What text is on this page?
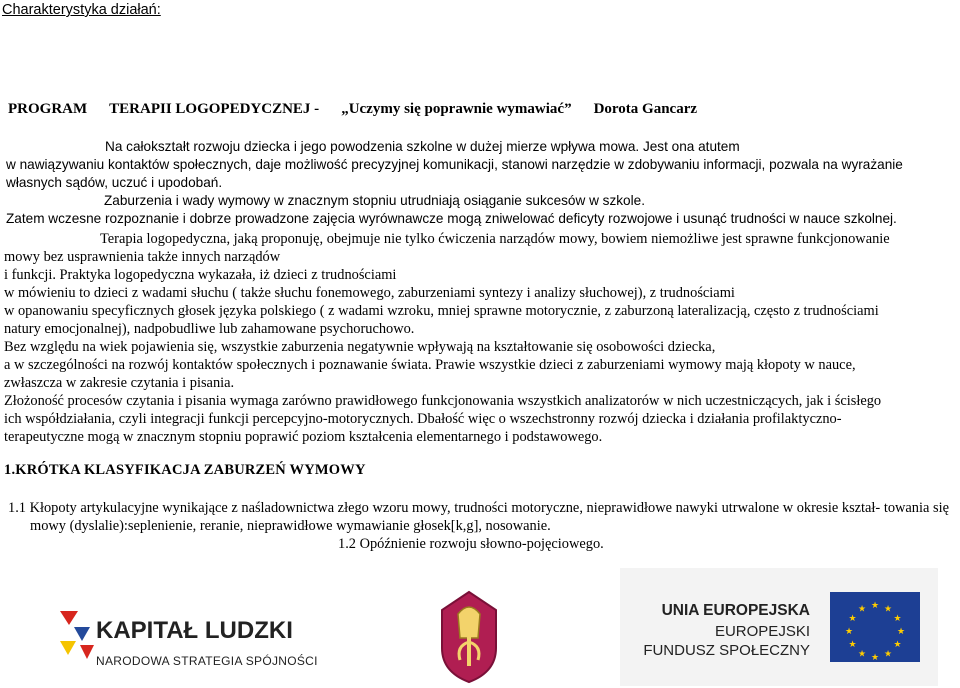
Charakterystyka działań:
PROGRAM TERAPII LOGOPEDYCZNEJ - „Uczymy się poprawnie wymawiać” Dorota Gancarz
Na całokształt rozwoju dziecka i jego powodzenia szkolne w dużej mierze wpływa mowa. Jest ona atutem
w nawiązywaniu kontaktów społecznych, daje możliwość precyzyjnej komunikacji, stanowi narzędzie w zdobywaniu informacji, pozwala na wyrażanie
własnych sądów, uczuć i upodobań.
Zaburzenia i wady wymowy w znacznym stopniu utrudniają osiąganie sukcesów w szkole.
Zatem wczesne rozpoznanie i dobrze prowadzone zajęcia wyrównawcze mogą zniwelować deficyty rozwojowe i usunąć trudności w nauce szkolnej.
Terapia logopedyczna, jaką proponuję, obejmuje nie tylko ćwiczenia narządów mowy, bowiem niemożliwe jest sprawne funkcjonowanie
mowy bez usprawnienia także innych narządów
i funkcji. Praktyka logopedyczna wykazała, iż dzieci z trudnościami
w mówieniu to dzieci z wadami słuchu ( także słuchu fonemowego, zaburzeniami syntezy i analizy słuchowej), z trudnościami
w opanowaniu specyficznych głosek języka polskiego ( z wadami wzroku, mniej sprawne motorycznie, z zaburzoną lateralizacją, często z trudnościami
natury emocjonalnej), nadpobudliwe lub zahamowane psychoruchowo.
Bez względu na wiek pojawienia się, wszystkie zaburzenia negatywnie wpływają na kształtowanie się osobowości dziecka,
a w szczególności na rozwój kontaktów społecznych i poznawanie świata. Prawie wszystkie dzieci z zaburzeniami wymowy mają kłopoty w nauce,
zwłaszcza w zakresie czytania i pisania.
Złożoność procesów czytania i pisania wymaga zarówno prawidłowego funkcjonowania wszystkich analizatorów w nich uczestniczących, jak i ścisłego
ich współdziałania, czyli integracji funkcji percepcyjno-motorycznych. Dbałość więc o wszechstronny rozwój dziecka i działania profilaktyczno-
terapeutyczne mogą w znacznym stopniu poprawić poziom kształcenia elementarnego i podstawowego.
1.KRÓTKA KLASYFIKACJA ZABURZEŃ WYMOWY
1.1 Kłopoty artykulacyjne wynikające z naśladownictwa złego wzoru mowy, trudności motoryczne, nieprawidłowe nawyki utrwalone w okresie kształ- towania się mowy (dyslalie):seplenienie, reranie, nieprawidłowe wymawianie głosek[k,g], nosowanie.
1.2 Opóźnienie rozwoju słowno-pojęciowego.
KAPITAŁ LUDZKI
NARODOWA STRATEGIA SPÓJNOŚCI
UNIA EUROPEJSKA
EUROPEJSKI
FUNDUSZ SPOŁECZNY
★ ★
★
★
★
★
★
★
★
★
★
★
